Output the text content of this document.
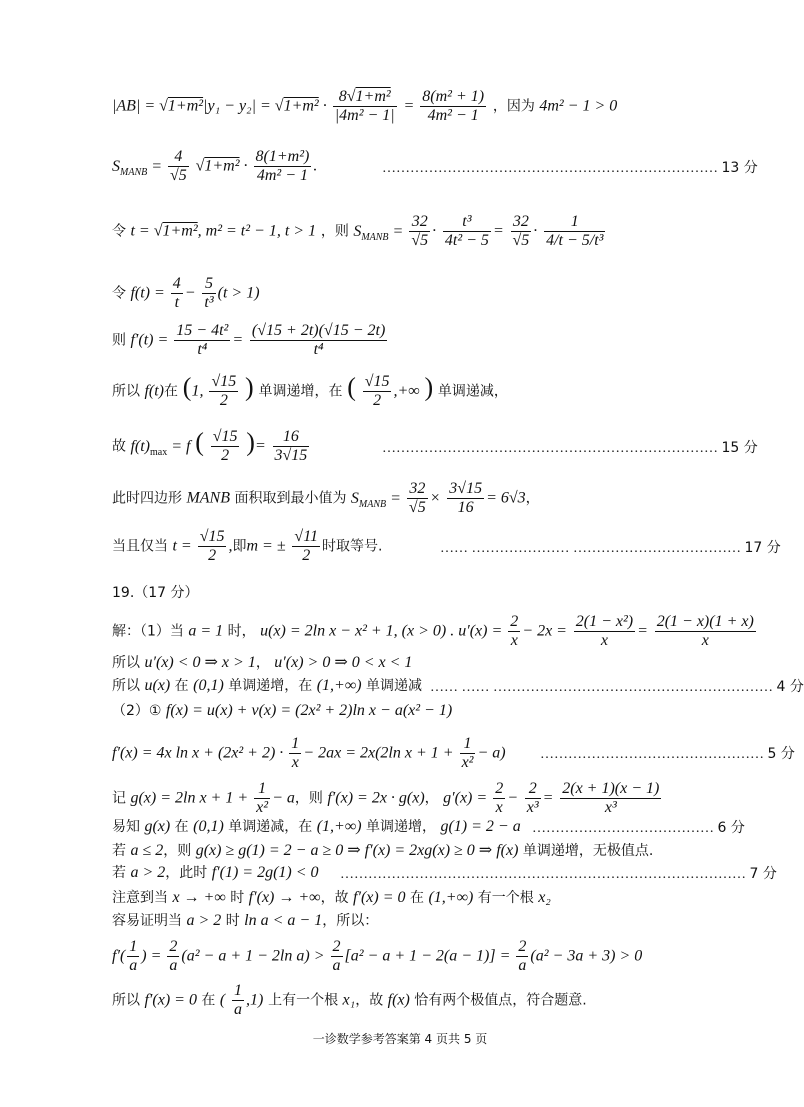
$|AB| = √1+m^2|y_1 - y_2| = √1+m^2 \cdot \frac{\text{8√1+m²}}{\text{|4m² − 1|}} = \frac{\text{8(m² + 1)}}{\text{4m² − 1}}$ ，因为 4m² − 1 > 0
$S_{MANB} = \frac{4}{√5} √1+m^2 \cdot \frac{\text{8(1+m²)}}{\text{4m² − 1}}$ .	……………………………………………………………… 13 分
令 t = √1+m², m² = t² − 1, t > 1 ，则 $S_{MANB} = \frac{32}{√5} \cdot \frac{\text{t³}}{\text{4t² − 5}} = \frac{32}{√5} \cdot \frac{1}{\text{4/t − 5/t³}}$
令 $f(t) = \frac{4}{t} - \frac{5}{\text{t³}} (t > 1)$
则 $f'(t) = \frac{\text{15 − 4t²}}{\text{t⁴}} = \frac{(√15 + 2t)(√15 - 2t)}{\text{t⁴}}$
所以 f(t)在 (1, $\frac{√15}{2}$ ) 单调递增，在 ( $\frac{√15}{2}$ ,+∞ ) 单调递减，
故 $f(t)_{max} = f$ ( $\frac{√15}{2}$ )= $\frac{16}{3√15}$	……………………………………………………………… 15 分
此时四边形 MANB 面积取到最小值为 $S_{MANB} = \frac{32}{√5} \times \frac{3√15}{16} = 6√3$，
当且仅当 $t = \frac{√15}{2}$ ,即m = ± $\frac{√11}{2}$ 时取等号.	…… ………………… ……………………………… 17 分
19.（17 分）
解：（1）当 a = 1 时， u(x) = 2ln x − x² + 1, (x > 0) . $u'(x) = \frac{2}{x} - 2x = \frac{\text{2(1 − x²)}}{x} = \frac{2(1 - x)(1 + x)}{x}$
所以 u′(x) < 0 ⇒ x > 1， u′(x) > 0 ⇒ 0 < x < 1
所以 u(x) 在 (0,1) 单调递增，在 (1,+∞) 单调递减 …… …… …………………………………………………… 4 分
（2）① f(x) = u(x) + v(x) = (2x² + 2)ln x − a(x² − 1)
f′(x) = 4x $\ln x + (2x^2 + 2) \cdot \frac{1}{x} - 2ax = 2x(2\ln$ $x + 1 + \frac{1}{\text{x²}} - a$) ………………………………………… 5 分
记 g(x) = 2ln $x + 1 + \frac{1}{\text{x²}} - a$，则 f′(x) = 2x · g(x)， $g'(x) = \frac{2}{x} - \frac{2}{\text{x³}} = \frac{2(x + 1)(x - 1)}{\text{x³}}$
易知 g(x) 在 (0,1) 单调递减，在 (1,+∞) 单调递增， g(1) = 2 − a ………………………………… 6 分
若 a ≤ 2，则 g(x) ≥ g(1) = 2 − a ≥ 0 ⇒ f′(x) = 2xg(x) ≥ 0 ⇒ f(x) 单调递增，无极值点.
若 a > 2，此时 f′(1) = 2g(1) < 0 …………………………………………………………………………… 7 分
注意到当 x → +∞ 时 f′(x) → +∞，故 f′(x) = 0 在 (1,+∞) 有一个根 x₂
容易证明当 a > 2 时 ln a < a − 1，所以：
$f'( \frac{1}{a}$ ) = $\frac{2}{a} (a^2 - a + 1 - 2\ln$ $a) > \frac{2}{a} [a^2 - a + 1 - 2(a - 1)] = \frac{2}{a} (a^2 - 3a + 3) > 0$
所以 f′(x) = 0 在 ( $\frac{1}{a} ,1$) 上有一个根 x₁，故 f(x) 恰有两个极值点，符合题意.
一诊数学参考答案第 4 页共 5 页
